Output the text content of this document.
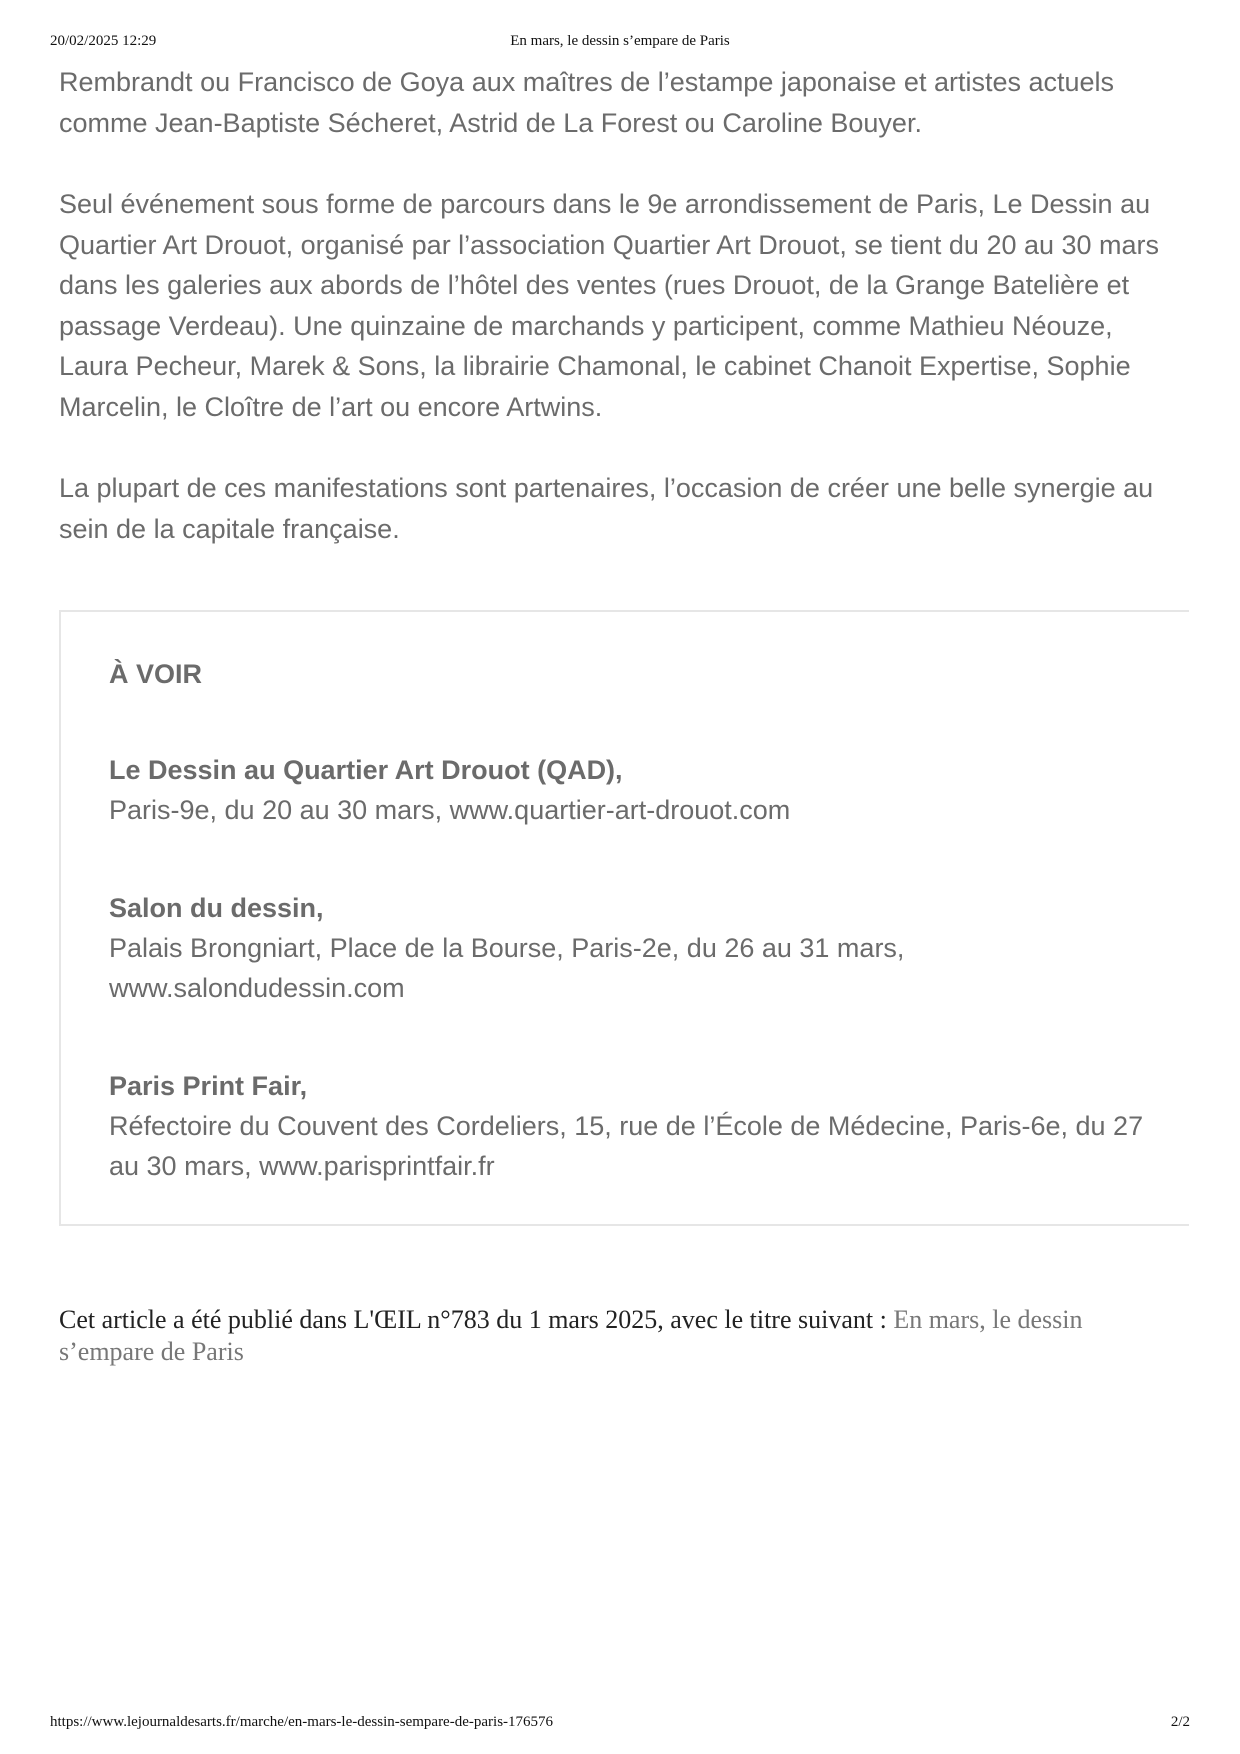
20/02/2025 12:29	En mars, le dessin s’empare de Paris

Rembrandt ou Francisco de Goya aux maîtres de l’estampe japonaise et artistes actuels comme Jean-Baptiste Sécheret, Astrid de La Forest ou Caroline Bouyer.

Seul événement sous forme de parcours dans le 9e arrondissement de Paris, Le Dessin au Quartier Art Drouot, organisé par l’association Quartier Art Drouot, se tient du 20 au 30 mars dans les galeries aux abords de l’hôtel des ventes (rues Drouot, de la Grange Batelière et passage Verdeau). Une quinzaine de marchands y participent, comme Mathieu Néouze, Laura Pecheur, Marek & Sons, la librairie Chamonal, le cabinet Chanoit Expertise, Sophie Marcelin, le Cloître de l’art ou encore Artwins.

La plupart de ces manifestations sont partenaires, l’occasion de créer une belle synergie au sein de la capitale française.

À VOIR
Le Dessin au Quartier Art Drouot (QAD),
Paris-9e, du 20 au 30 mars, www.quartier-art-drouot.com
Salon du dessin,
Palais Brongniart, Place de la Bourse, Paris-2e, du 26 au 31 mars, www.salondudessin.com
Paris Print Fair,
Réfectoire du Couvent des Cordeliers, 15, rue de l’École de Médecine, Paris-6e, du 27 au 30 mars, www.parisprintfair.fr
Cet article a été publié dans L'ŒIL n°783 du 1 mars 2025, avec le titre suivant : En mars, le dessin s’empare de Paris
https://www.lejournaldesarts.fr/marche/en-mars-le-dessin-sempare-de-paris-176576	2/2
